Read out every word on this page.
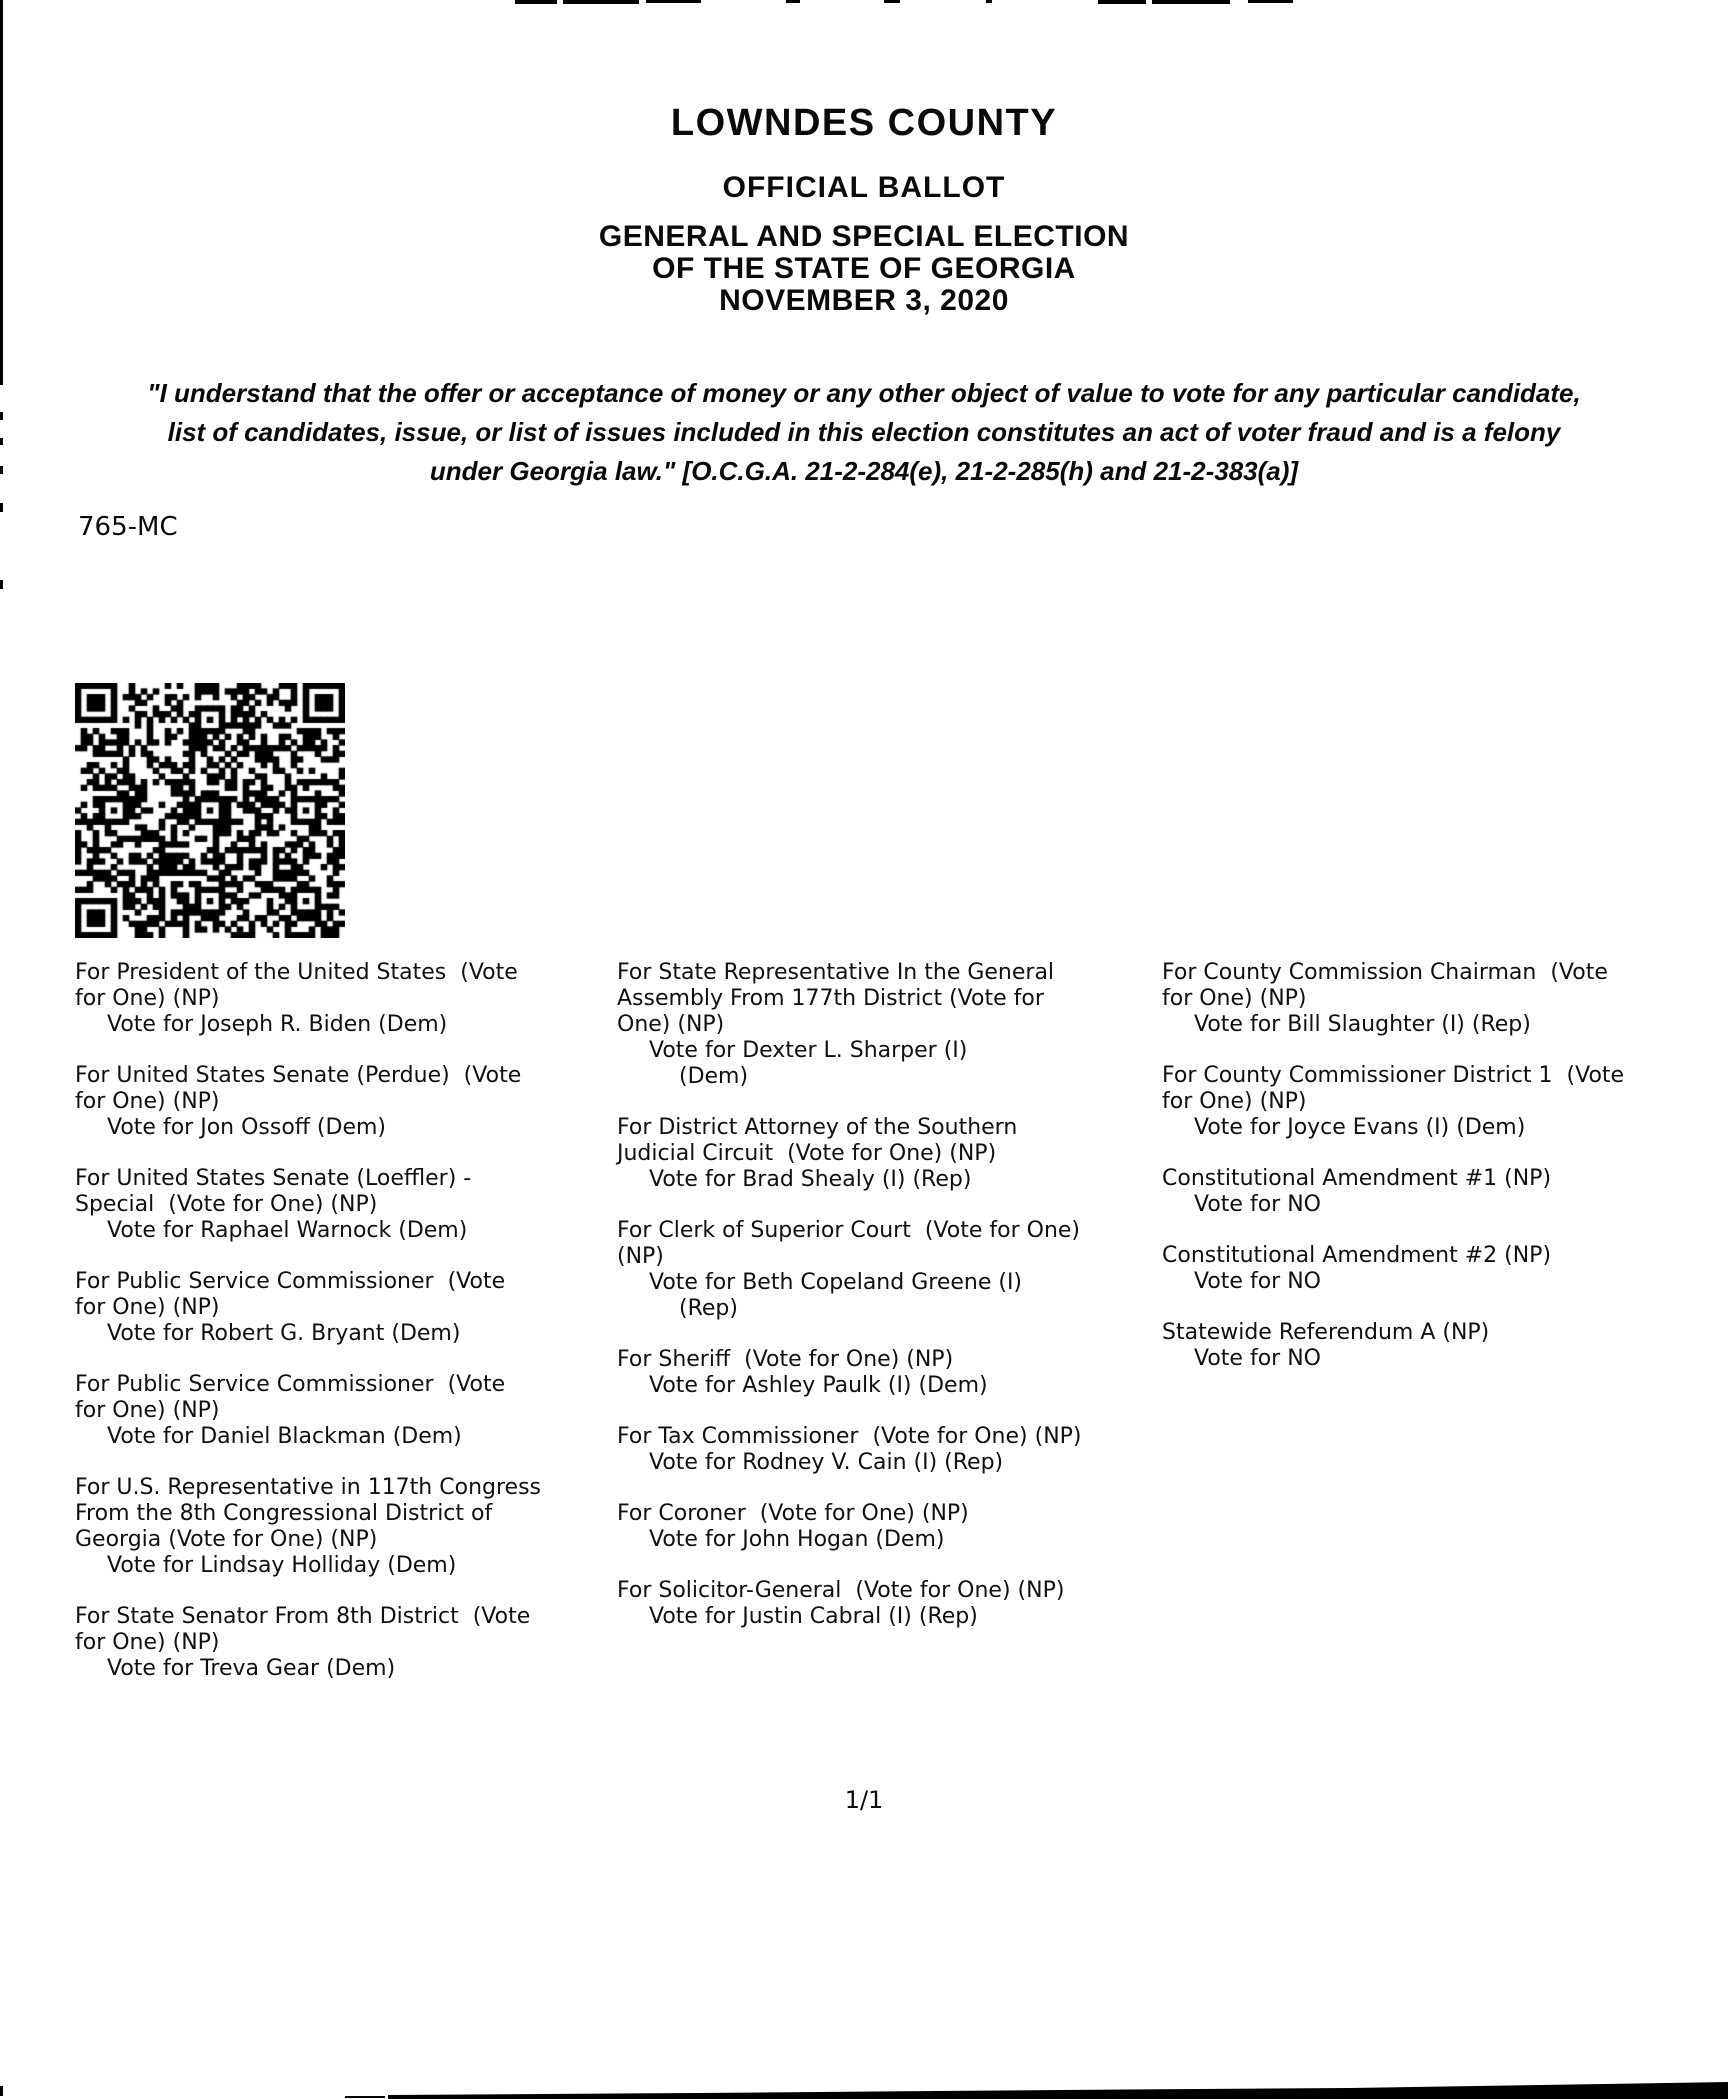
LOWNDES COUNTY
OFFICIAL BALLOT
GENERAL AND SPECIAL ELECTION
OF THE STATE OF GEORGIA
NOVEMBER 3, 2020
"I understand that the offer or acceptance of money or any other object of value to vote for any particular candidate,
list of candidates, issue, or list of issues included in this election constitutes an act of voter fraud and is a felony
under Georgia law." [O.C.G.A. 21-2-284(e), 21-2-285(h) and 21-2-383(a)]
765-MC
For President of the United States  (Vote
for One) (NP)
Vote for Joseph R. Biden (Dem)
For United States Senate (Perdue)  (Vote
for One) (NP)
Vote for Jon Ossoff (Dem)
For United States Senate (Loeffler) -
Special  (Vote for One) (NP)
Vote for Raphael Warnock (Dem)
For Public Service Commissioner  (Vote
for One) (NP)
Vote for Robert G. Bryant (Dem)
For Public Service Commissioner  (Vote
for One) (NP)
Vote for Daniel Blackman (Dem)
For U.S. Representative in 117th Congress
From the 8th Congressional District of
Georgia (Vote for One) (NP)
Vote for Lindsay Holliday (Dem)
For State Senator From 8th District  (Vote
for One) (NP)
Vote for Treva Gear (Dem)
For State Representative In the General
Assembly From 177th District (Vote for
One) (NP)
Vote for Dexter L. Sharper (I)
(Dem)
For District Attorney of the Southern
Judicial Circuit  (Vote for One) (NP)
Vote for Brad Shealy (I) (Rep)
For Clerk of Superior Court  (Vote for One)
(NP)
Vote for Beth Copeland Greene (I)
(Rep)
For Sheriff  (Vote for One) (NP)
Vote for Ashley Paulk (I) (Dem)
For Tax Commissioner  (Vote for One) (NP)
Vote for Rodney V. Cain (I) (Rep)
For Coroner  (Vote for One) (NP)
Vote for John Hogan (Dem)
For Solicitor-General  (Vote for One) (NP)
Vote for Justin Cabral (I) (Rep)
For County Commission Chairman  (Vote
for One) (NP)
Vote for Bill Slaughter (I) (Rep)
For County Commissioner District 1  (Vote
for One) (NP)
Vote for Joyce Evans (I) (Dem)
Constitutional Amendment #1 (NP)
Vote for NO
Constitutional Amendment #2 (NP)
Vote for NO
Statewide Referendum A (NP)
Vote for NO
1/1
